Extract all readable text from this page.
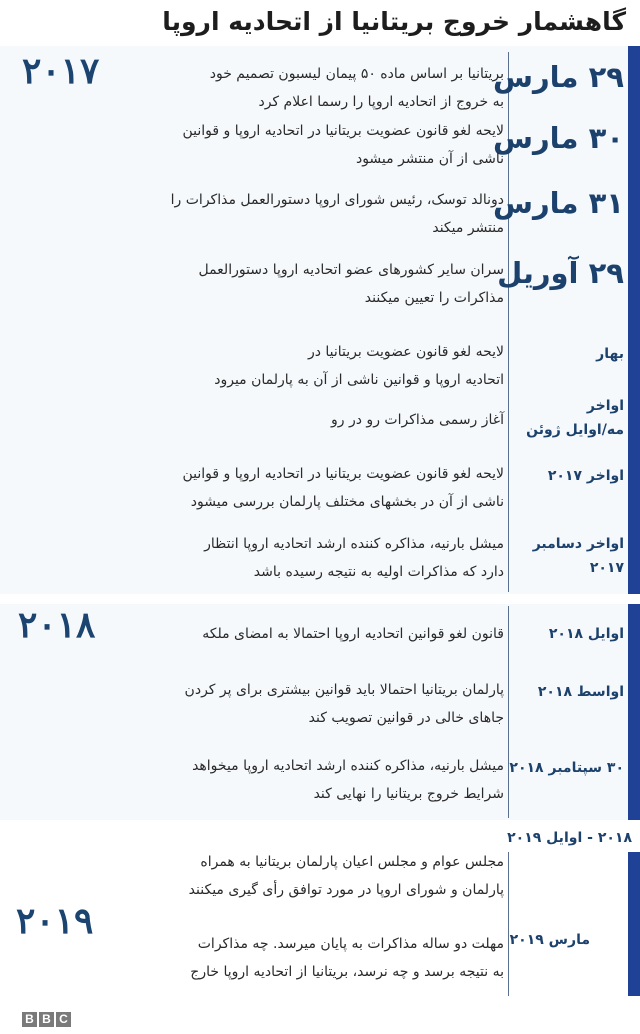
گاهشمار خروج بریتانیا از اتحادیه اروپا
۲۰۱۷	۲۹ مارس
بریتانیا بر اساس ماده ۵۰ پیمان لیسبون تصمیم خود
به خروج از اتحادیه اروپا را رسما اعلام کرد
۳۰ مارس
لایحه لغو قانون عضویت بریتانیا در اتحادیه اروپا و قوانین
ناشی از آن منتشر میشود
۳۱ مارس
دونالد توسک، رئیس شورای اروپا دستورالعمل مذاکرات را
منتشر میکند
۲۹ آوریل
سران سایر کشورهای عضو اتحادیه اروپا دستورالعمل
مذاکرات را تعیین میکنند
بهار
لایحه لغو قانون عضویت بریتانیا در
اتحادیه اروپا و قوانین ناشی از آن به پارلمان میرود
اواخر
مه/اوایل ژوئن
آغاز رسمی مذاکرات رو در رو
اواخر ۲۰۱۷
لایحه لغو قانون عضویت بریتانیا در اتحادیه اروپا و قوانین
ناشی از آن در بخشهای مختلف پارلمان بررسی میشود
اواخر دسامبر
۲۰۱۷
میشل بارنیه، مذاکره کننده ارشد اتحادیه اروپا انتظار
دارد که مذاکرات اولیه به نتیجه رسیده باشد
۲۰۱۸	اوایل ۲۰۱۸
قانون لغو قوانین اتحادیه اروپا احتمالا به امضای ملکه
اواسط ۲۰۱۸
پارلمان بریتانیا احتمالا باید قوانین بیشتری برای پر کردن
جاهای خالی در قوانین تصویب کند
۳۰ سپتامبر ۲۰۱۸
میشل بارنیه، مذاکره کننده ارشد اتحادیه اروپا میخواهد
شرایط خروج بریتانیا را نهایی کند
۲۰۱۸ - اوایل ۲۰۱۹
۲۰۱۹
مجلس عوام و مجلس اعیان پارلمان بریتانیا به همراه
پارلمان و شورای اروپا در مورد توافق رأی گیری میکنند
مارس ۲۰۱۹
مهلت دو ساله مذاکرات به پایان میرسد. چه مذاکرات
به نتیجه برسد و چه نرسد، بریتانیا از اتحادیه اروپا خارج
B B C
